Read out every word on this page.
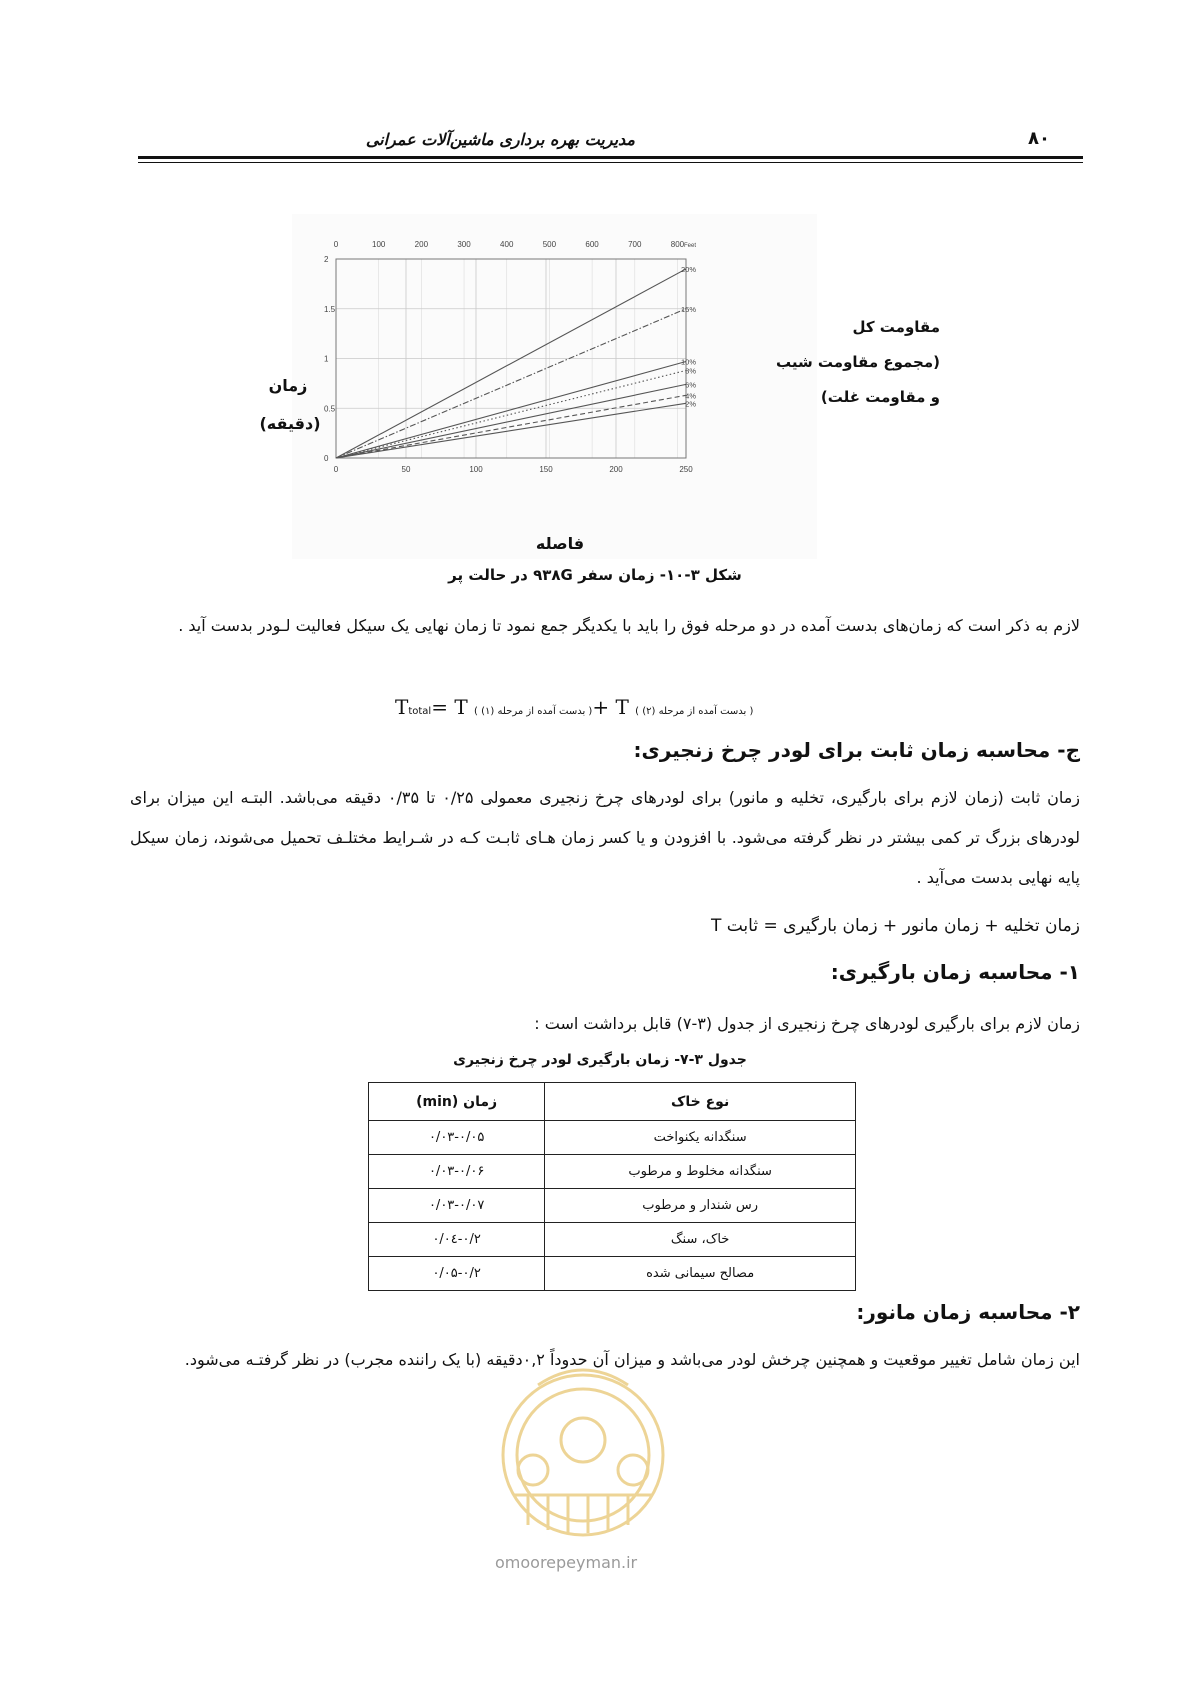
مدیریت بهره برداری ماشین‌آلات عمرانی	۸۰
0	50	100	150	200	250
0	100	200	300	400	500	600	700	800 Feet
0
0.5
1
1.5
2
20%
15%
10%
8%
6%
4%
2%
زمان
(دقیقه)
مقاومت کل
(مجموع مقاومت شیب
و مقاومت غلت)
فاصله
شکل ۳-۱۰- زمان سفر ۹۳۸G در حالت پر
لازم به ذکر است که زمان‌های بدست آمده در دو مرحله فوق را باید با یکدیگر جمع نمود تا زمان نهایی یک سیکل فعالیت لـودر بدست آید .
Ttotal= T ( بدست آمده از مرحله (۱) )+ T ( بدست آمده از مرحله (۲) )
ج- محاسبه زمان ثابت برای لودر چرخ زنجیری:
زمان ثابت (زمان لازم برای بارگیری، تخلیه و مانور) برای لودرهای چرخ زنجیری معمولی ۰/۲۵ تا ۰/۳۵ دقیقه می‌باشد. البتـه این میزان برای لودرهای بزرگ تر کمی بیشتر در نظر گرفته می‌شود. با افزودن و یا کسر زمان هـای ثابـت کـه در شـرایط مختلـف تحمیل می‌شوند، زمان سیکل پایه نهایی بدست می‌آید .
زمان تخلیه + زمان مانور + زمان بارگیری = ثابت T
۱- محاسبه زمان بارگیری:
زمان لازم برای بارگیری لودرهای چرخ زنجیری از جدول (۳-۷) قابل برداشت است :
جدول ۳-۷- زمان بارگیری لودر چرخ زنجیری
نوع خاک	زمان (min)
سنگدانه یکنواخت	۰/۰۳-۰/۰۵
سنگدانه مخلوط و مرطوب	۰/۰۳-۰/۰۶
رس شندار و مرطوب	۰/۰۳-۰/۰۷
خاک، سنگ	۰/۰٤-۰/۲
مصالح سیمانی شده	۰/۰۵-۰/۲
۲- محاسبه زمان مانور:
این زمان شامل تغییر موقعیت و همچنین چرخش لودر می‌باشد و میزان آن حدوداً ۰,۲دقیقه (با یک راننده مجرب) در نظر گرفتـه می‌شود.
omoorepeyman.ir
